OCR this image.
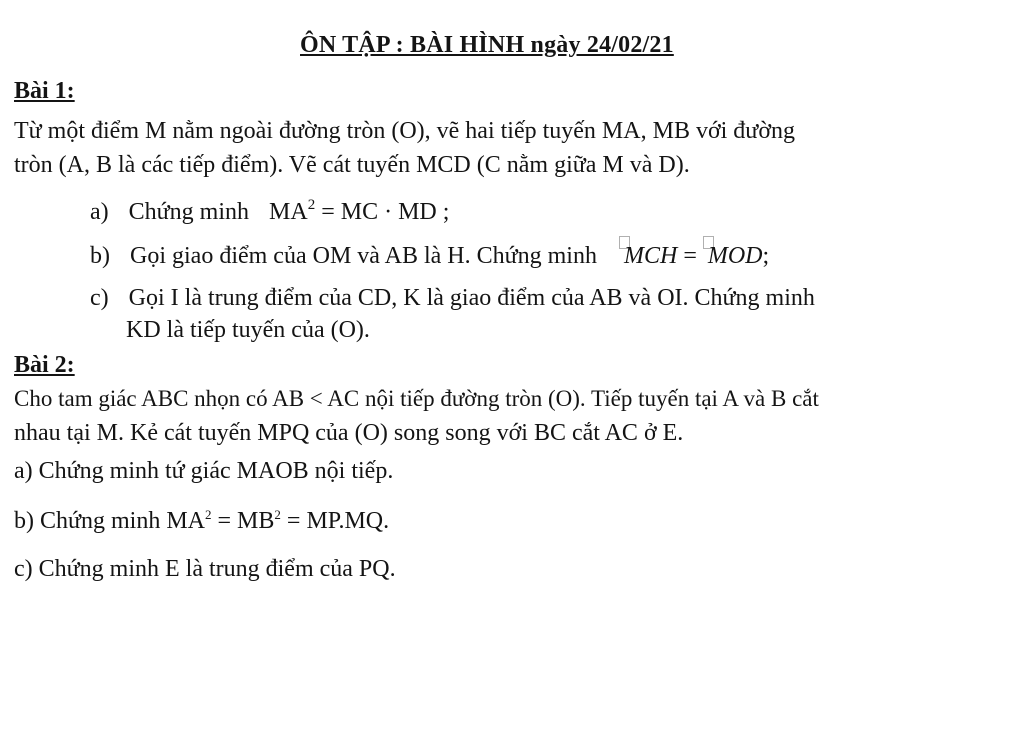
ÔN TẬP : BÀI HÌNH ngày 24/02/21
Bài 1:
Từ một điểm M nằm ngoài đường tròn (O), vẽ hai tiếp tuyến MA, MB với đường
tròn (A, B là các tiếp điểm). Vẽ cát tuyến MCD (C nằm giữa M và D).
a) Chứng minh $MA^2$ = MC · MD ;
b) Gọi giao điểm của OM và AB là H. Chứng minh MCH = MOD;
c) Gọi I là trung điểm của CD, K là giao điểm của AB và OI. Chứng minh
KD là tiếp tuyến của (O).
Bài 2:
Cho tam giác ABC nhọn có AB < AC nội tiếp đường tròn (O). Tiếp tuyến tại A và B cắt
nhau tại M. Kẻ cát tuyến MPQ của (O) song song với BC cắt AC ở E.
a) Chứng minh tứ giác MAOB nội tiếp.
b) Chứng minh $MA^2 = MB^2 = MP.MQ$.
c) Chứng minh E là trung điểm của PQ.
